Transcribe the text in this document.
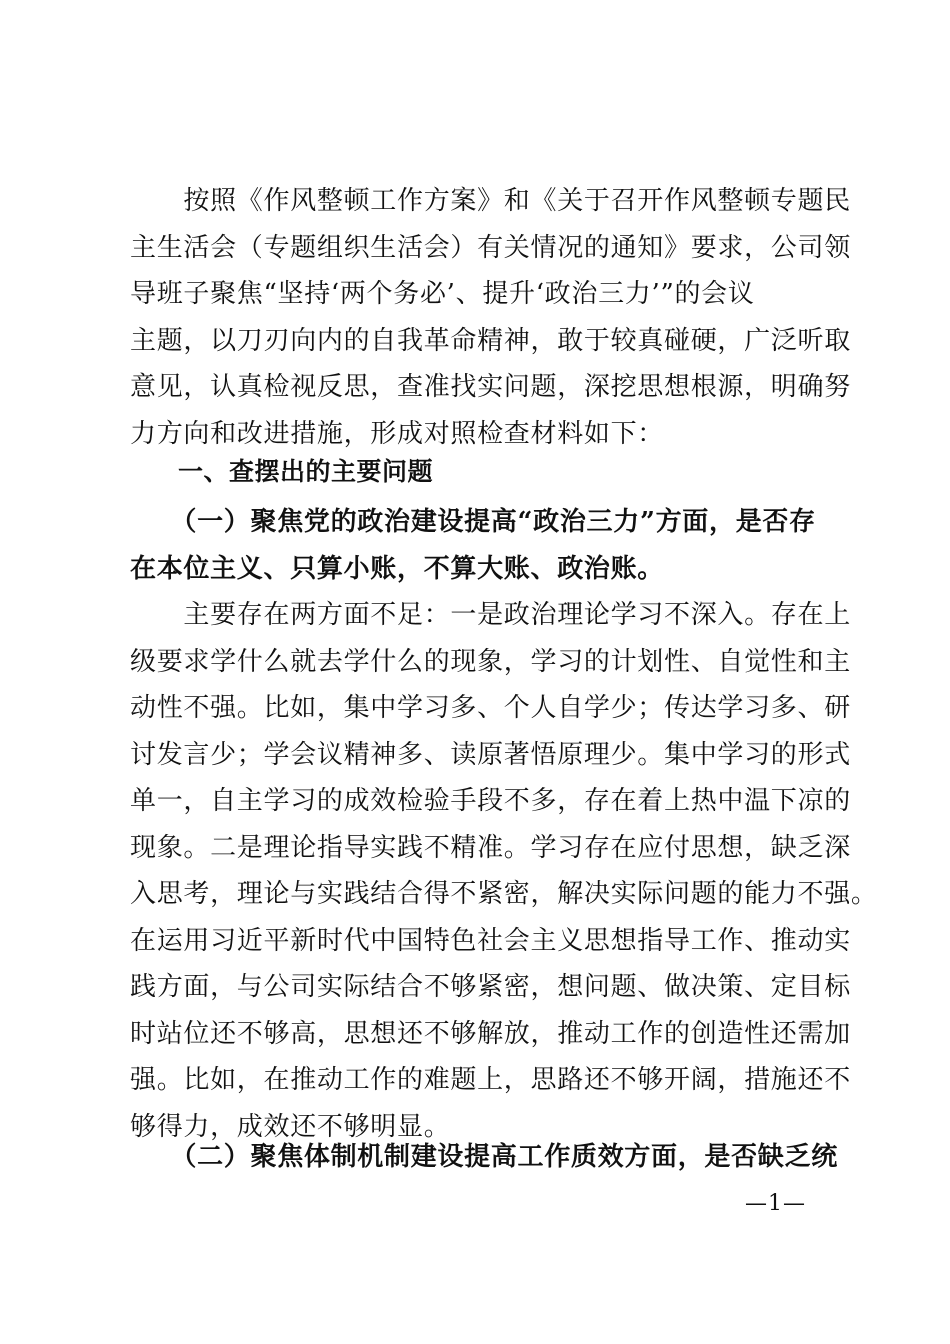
　　按照《作风整顿工作方案》和《关于召开作风整顿专题民
主生活会（专题组织生活会）有关情况的通知》要求，公司领
导班子聚焦“坚持‘两个务必’、提升‘政治三力’”的会议
主题，以刀刃向内的自我革命精神，敢于较真碰硬，广泛听取
意见，认真检视反思，查准找实问题，深挖思想根源，明确努
力方向和改进措施，形成对照检查材料如下：
一、查摆出的主要问题
　　（一）聚焦党的政治建设提高“政治三力”方面，是否存
在本位主义、只算小账，不算大账、政治账。
　　主要存在两方面不足：一是政治理论学习不深入。存在上
级要求学什么就去学什么的现象，学习的计划性、自觉性和主
动性不强。比如，集中学习多、个人自学少；传达学习多、研
讨发言少；学会议精神多、读原著悟原理少。集中学习的形式
单一，自主学习的成效检验手段不多，存在着上热中温下凉的
现象。二是理论指导实践不精准。学习存在应付思想，缺乏深
入思考，理论与实践结合得不紧密，解决实际问题的能力不强。
在运用习近平新时代中国特色社会主义思想指导工作、推动实
践方面，与公司实际结合不够紧密，想问题、做决策、定目标
时站位还不够高，思想还不够解放，推动工作的创造性还需加
强。比如，在推动工作的难题上，思路还不够开阔，措施还不
够得力，成效还不够明显。
　　（二）聚焦体制机制建设提高工作质效方面，是否缺乏统
—1—
